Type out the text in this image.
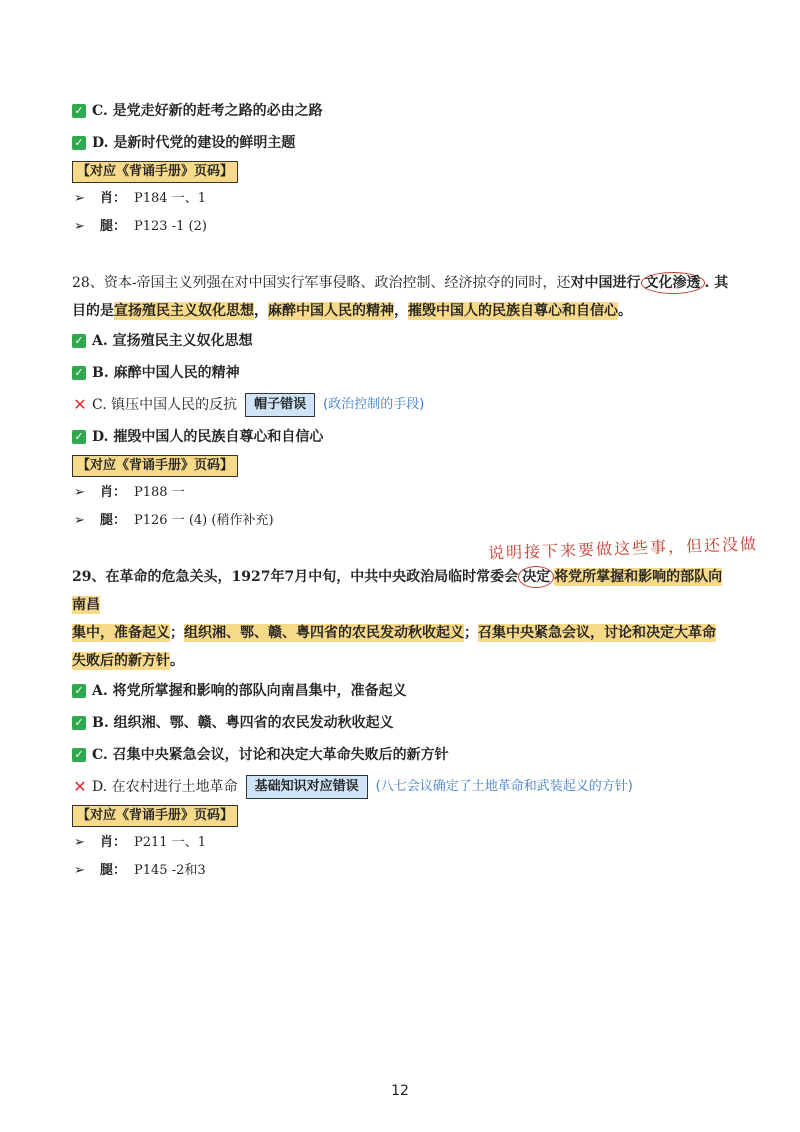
✓ C. 是党走好新的赶考之路的必由之路
✓ D. 是新时代党的建设的鲜明主题
【对应《背诵手册》页码】
➢	肖： P184 一、1
➢	腿： P123 -1 (2)

28、资本-帝国主义列强在对中国实行军事侵略、政治控制、经济掠夺的同时，还对中国进行 文化渗透 . 其
目的是宣扬殖民主义奴化思想，麻醉中国人民的精神，摧毁中国人的民族自尊心和自信心。

✓ A. 宣扬殖民主义奴化思想
✓ B. 麻醉中国人民的精神
✕ C. 镇压中国人民的反抗	帽子错误	(政治控制的手段)
✓ D. 摧毁中国人的民族自尊心和自信心
【对应《背诵手册》页码】
➢	肖： P188 一
➢	腿： P126 一 (4) (稍作补充)

29、在革命的危急关头，1927年7月中旬，中共中央政治局临时常委会 决定 将党所掌握和影响的部队向南昌
集中，准备起义；组织湘、鄂、赣、粤四省的农民发动秋收起义；召集中央紧急会议，讨论和决定大革命
失败后的新方针。

✓ A. 将党所掌握和影响的部队向南昌集中，准备起义
✓ B. 组织湘、鄂、赣、粤四省的农民发动秋收起义
✓ C. 召集中央紧急会议，讨论和决定大革命失败后的新方针
✕ D. 在农村进行土地革命	基础知识对应错误	(八七会议确定了土地革命和武装起义的方针)
【对应《背诵手册》页码】
➢	肖： P211 一、1
➢	腿： P145 -2和3
说明接下来要做这些事，但还没做
12
